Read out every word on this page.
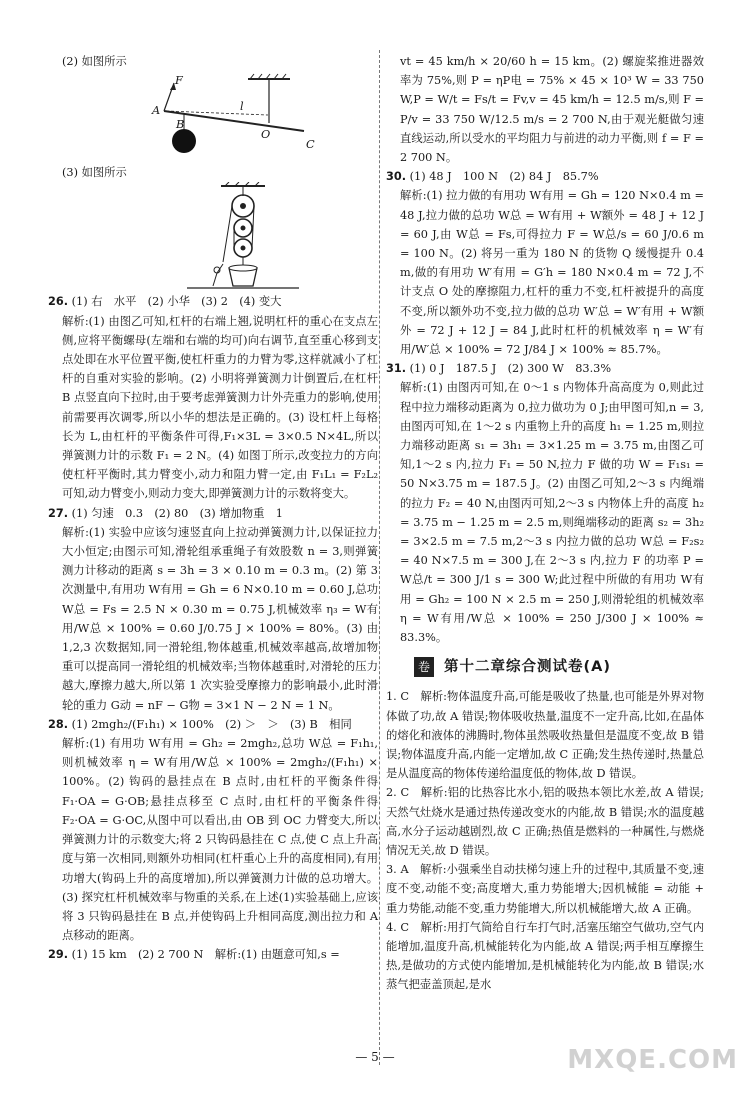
(2) 如图所示

F
A
B
l
O
C

(3) 如图所示

26. (1) 右　水平　(2) 小华　(3) 2　(4) 变大

解析:(1) 由图乙可知,杠杆的右端上翘,说明杠杆的重心在支点左侧,应将平衡螺母(左端和右端的均可)向右调节,直至重心移到支点处即在水平位置平衡,使杠杆重力的力臂为零,这样就减小了杠杆的自重对实验的影响。(2) 小明将弹簧测力计倒置后,在杠杆 B 点竖直向下拉时,由于要考虑弹簧测力计外壳重力的影响,使用前需要再次调零,所以小华的想法是正确的。(3) 设杠杆上每格长为 L,由杠杆的平衡条件可得,F₁×3L = 3×0.5 N×4L,所以弹簧测力计的示数 F₁ = 2 N。(4) 如图丁所示,改变拉力的方向使杠杆平衡时,其力臂变小,动力和阻力臂一定,由 F₁L₁ = F₂L₂ 可知,动力臂变小,则动力变大,即弹簧测力计的示数将变大。

27. (1) 匀速　0.3　(2) 80　(3) 增加物重　1

解析:(1) 实验中应该匀速竖直向上拉动弹簧测力计,以保证拉力大小恒定;由图示可知,滑轮组承重绳子有效股数 n = 3,则弹簧测力计移动的距离 s = 3h = 3 × 0.10 m = 0.3 m。(2) 第 3 次测量中,有用功 W有用 = Gh = 6 N×0.10 m = 0.60 J,总功 W总 = Fs = 2.5 N × 0.30 m = 0.75 J,机械效率 η₃ = W有用/W总 × 100% = 0.60 J/0.75 J × 100% = 80%。(3) 由 1,2,3 次数据知,同一滑轮组,物体越重,机械效率越高,故增加物重可以提高同一滑轮组的机械效率;当物体越重时,对滑轮的压力越大,摩擦力越大,所以第 1 次实验受摩擦力的影响最小,此时滑轮的重力 G动 = nF − G物 = 3×1 N − 2 N = 1 N。

28. (1) 2mgh₂/(F₁h₁) × 100%　(2) ＞　＞　(3) B　相同

解析:(1) 有用功 W有用 = Gh₂ = 2mgh₂,总功 W总 = F₁h₁,则机械效率 η = W有用/W总 × 100% = 2mgh₂/(F₁h₁) × 100%。(2) 钩码的悬挂点在 B 点时,由杠杆的平衡条件得 F₁·OA = G·OB;悬挂点移至 C 点时,由杠杆的平衡条件得 F₂·OA = G·OC,从图中可以看出,由 OB 到 OC 力臂变大,所以弹簧测力计的示数变大;将 2 只钩码悬挂在 C 点,使 C 点上升高度与第一次相同,则额外功相同(杠杆重心上升的高度相同),有用功增大(钩码上升的高度增加),所以弹簧测力计做的总功增大。(3) 探究杠杆机械效率与物重的关系,在上述(1)实验基础上,应该将 3 只钩码悬挂在 B 点,并使钩码上升相同高度,测出拉力和 A 点移动的距离。

29. (1) 15 km　(2) 2 700 N　 解析:(1) 由题意可知,s =

vt = 45 km/h × 20/60 h = 15 km。(2) 螺旋桨推进器效率为 75%,则 P = ηP电 = 75% × 45 × 10³ W = 33 750 W,P = W/t = Fs/t = Fv,v = 45 km/h = 12.5 m/s,则 F = P/v = 33 750 W/12.5 m/s = 2 700 N,由于观光艇做匀速直线运动,所以受水的平均阻力与前进的动力平衡,则 f = F = 2 700 N。

30. (1) 48 J　100 N　(2) 84 J　85.7%

解析:(1) 拉力做的有用功 W有用 = Gh = 120 N×0.4 m = 48 J,拉力做的总功 W总 = W有用 + W额外 = 48 J + 12 J = 60 J,由 W总 = Fs,可得拉力 F = W总/s = 60 J/0.6 m = 100 N。(2) 将另一重为 180 N 的货物 Q 缓慢提升 0.4 m,做的有用功 W′有用 = G′h = 180 N×0.4 m = 72 J,不计支点 O 处的摩擦阻力,杠杆的重力不变,杠杆被提升的高度不变,所以额外功不变,拉力做的总功 W′总 = W′有用 + W额外 = 72 J + 12 J = 84 J,此时杠杆的机械效率 η = W′有用/W′总 × 100% = 72 J/84 J × 100% ≈ 85.7%。

31. (1) 0 J　187.5 J　(2) 300 W　83.3%

解析:(1) 由图丙可知,在 0～1 s 内物体升高高度为 0,则此过程中拉力端移动距离为 0,拉力做功为 0 J;由甲图可知,n = 3,由图丙可知,在 1～2 s 内重物上升的高度 h₁ = 1.25 m,则拉力端移动距离 s₁ = 3h₁ = 3×1.25 m = 3.75 m,由图乙可知,1～2 s 内,拉力 F₁ = 50 N,拉力 F 做的功 W = F₁s₁ = 50 N×3.75 m = 187.5 J。(2) 由图乙可知,2～3 s 内绳端的拉力 F₂ = 40 N,由图丙可知,2～3 s 内物体上升的高度 h₂ = 3.75 m − 1.25 m = 2.5 m,则绳端移动的距离 s₂ = 3h₂ = 3×2.5 m = 7.5 m,2～3 s 内拉力做的总功 W总 = F₂s₂ = 40 N×7.5 m = 300 J,在 2～3 s 内,拉力 F 的功率 P = W总/t = 300 J/1 s = 300 W;此过程中所做的有用功 W有用 = Gh₂ = 100 N × 2.5 m = 250 J,则滑轮组的机械效率 η = W有用/W总 × 100% = 250 J/300 J × 100% ≈ 83.3%。

卷 第十二章综合测试卷(A)

1. C　解析:物体温度升高,可能是吸收了热量,也可能是外界对物体做了功,故 A 错误;物体吸收热量,温度不一定升高,比如,在晶体的熔化和液体的沸腾时,物体虽然吸收热量但是温度不变,故 B 错误;物体温度升高,内能一定增加,故 C 正确;发生热传递时,热量总是从温度高的物体传递给温度低的物体,故 D 错误。

2. C　解析:铝的比热容比水小,铝的吸热本领比水差,故 A 错误;天然气灶烧水是通过热传递改变水的内能,故 B 错误;水的温度越高,水分子运动越剧烈,故 C 正确;热值是燃料的一种属性,与燃烧情况无关,故 D 错误。

3. A　解析:小强乘坐自动扶梯匀速上升的过程中,其质量不变,速度不变,动能不变;高度增大,重力势能增大;因机械能 = 动能 + 重力势能,动能不变,重力势能增大,所以机械能增大,故 A 正确。

4. C　解析:用打气筒给自行车打气时,活塞压缩空气做功,空气内能增加,温度升高,机械能转化为内能,故 A 错误;两手相互摩擦生热,是做功的方式使内能增加,是机械能转化为内能,故 B 错误;水蒸气把壶盖顶起,是水

— 5 —	MXQE.COM
